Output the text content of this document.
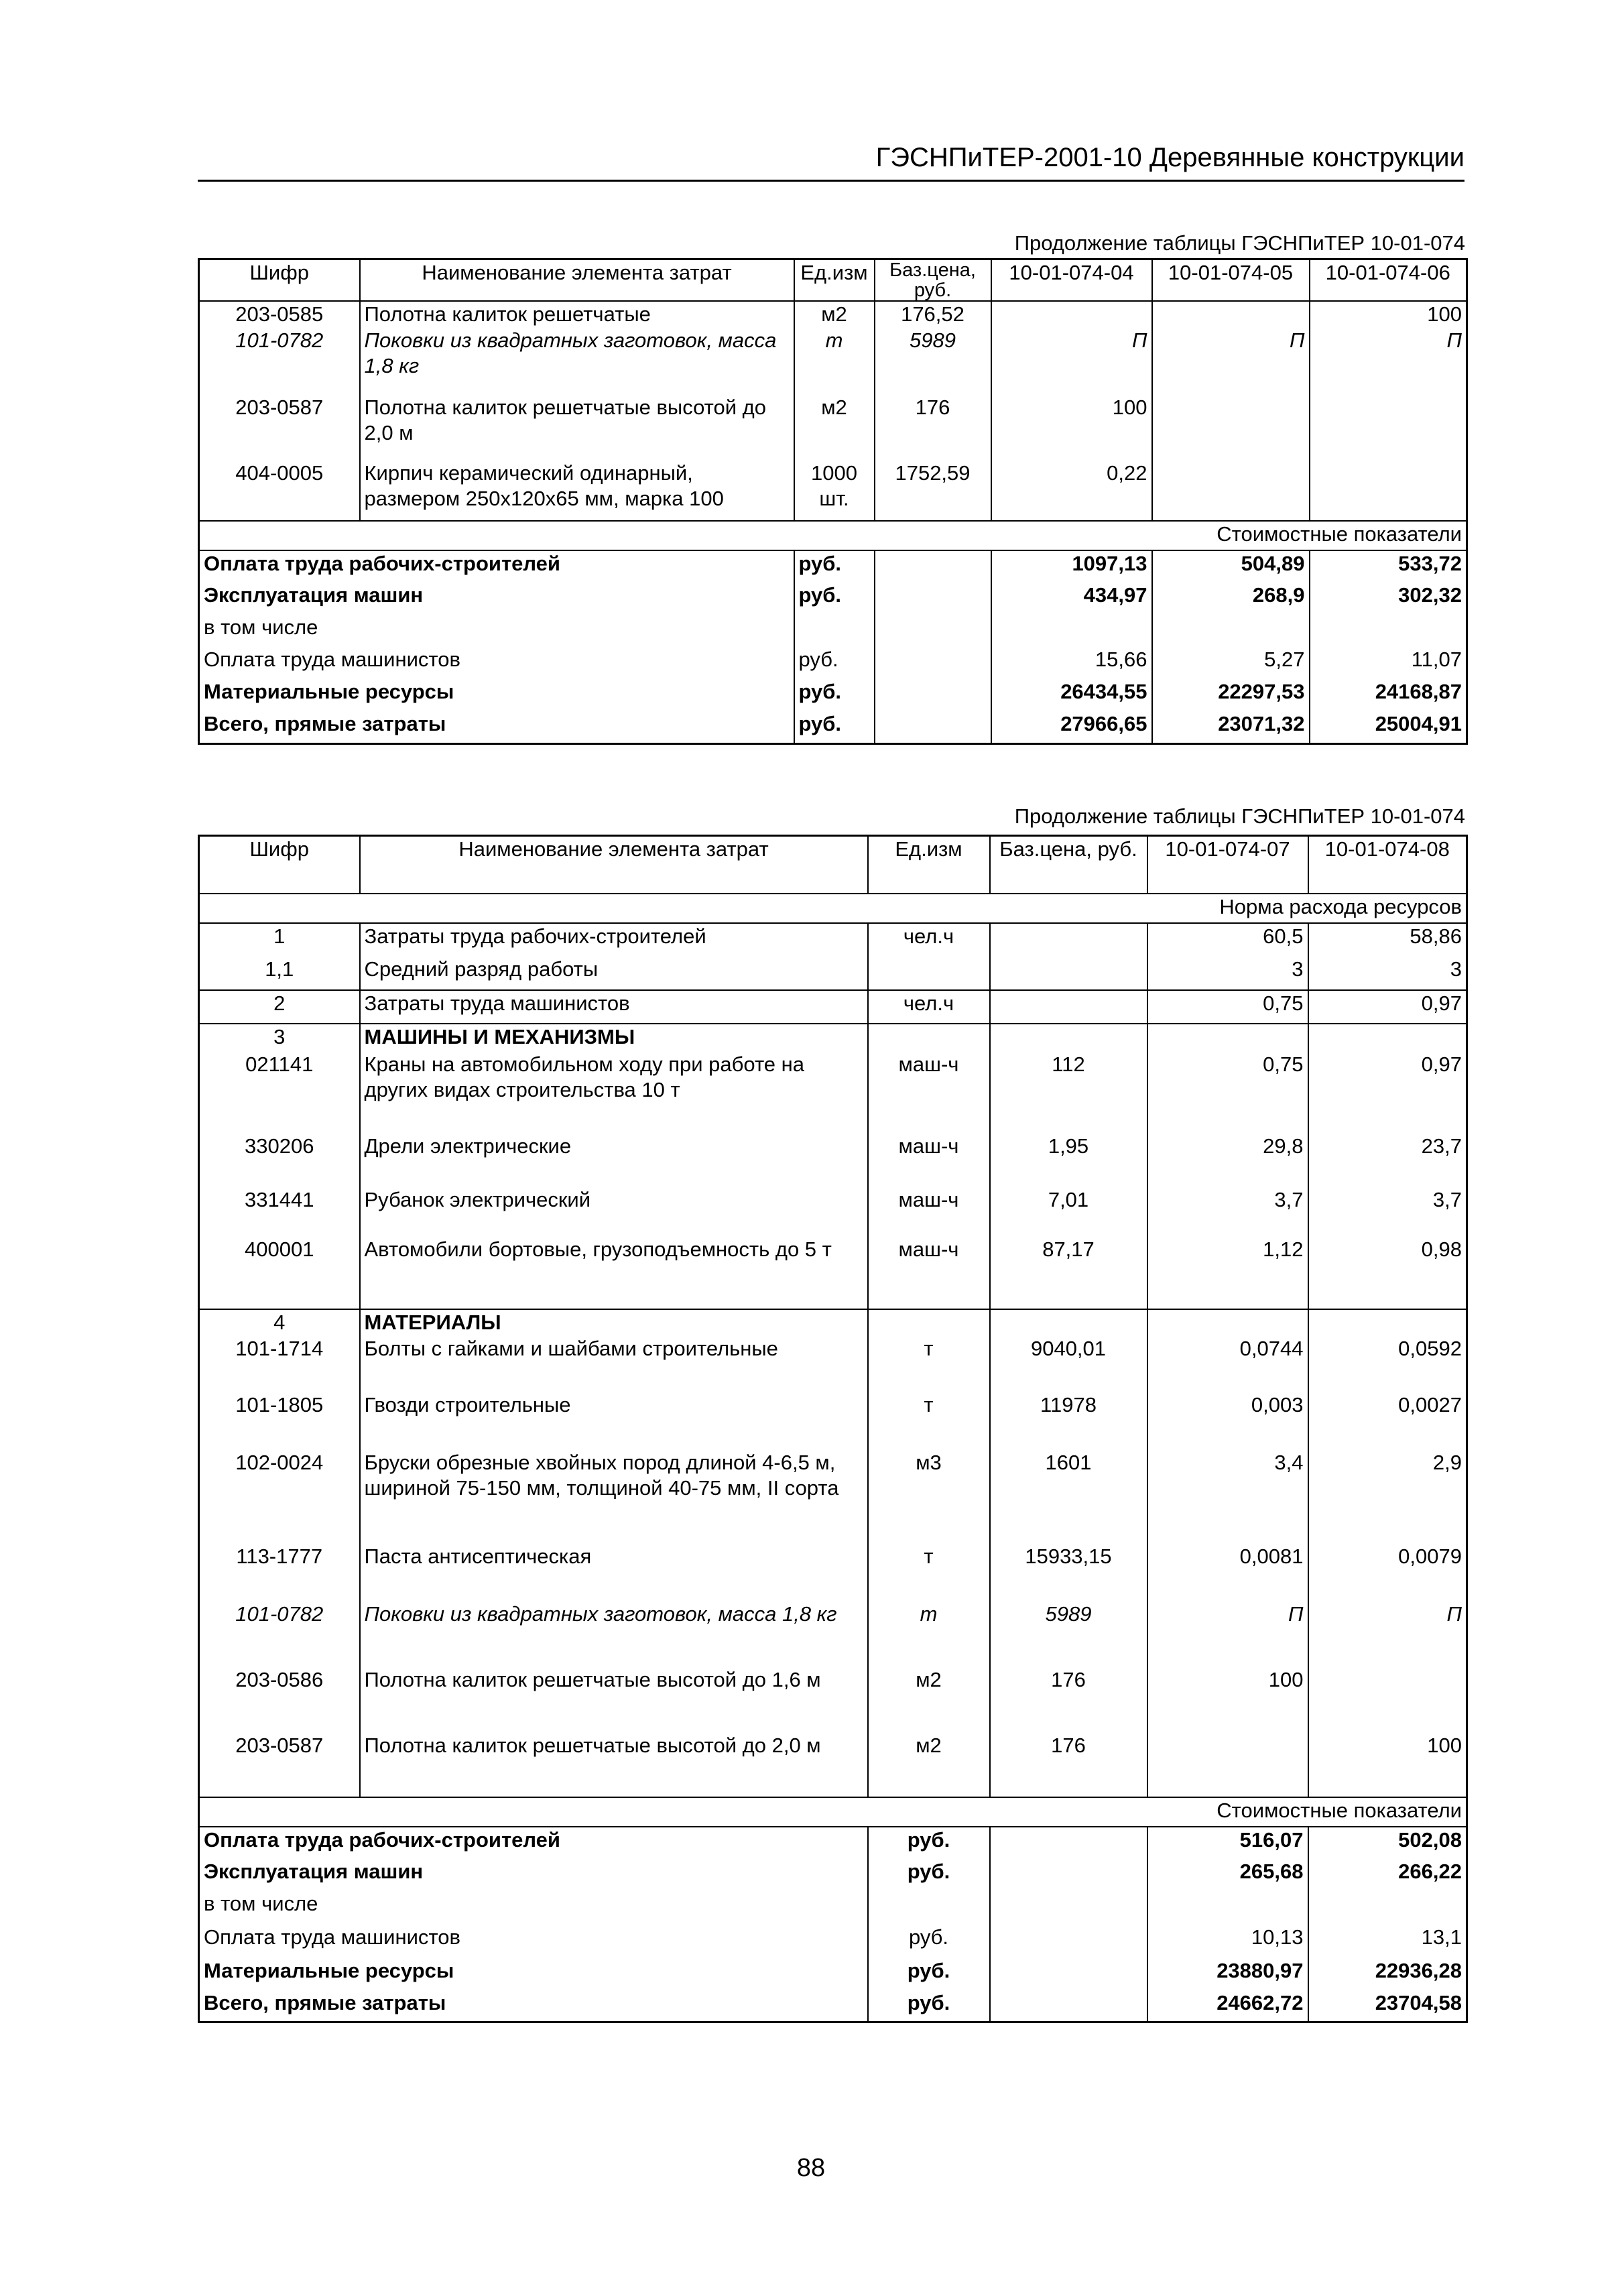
ГЭСНПиТЕР-2001-10 Деревянные конструкции
Продолжение таблицы ГЭСНПиТЕР 10-01-074
Шифр	Наименование элемента затрат	Ед.изм	Баз.цена, руб.	10-01-074-04	10-01-074-05	10-01-074-06
203-0585	Полотна калиток решетчатые	м2	176,52			100
101-0782	Поковки из квадратных заготовок, масса 1,8 кг	т	5989	П	П	П
203-0587	Полотна калиток решетчатые высотой до 2,0 м	м2	176	100		
404-0005	Кирпич керамический одинарный, размером 250х120х65 мм, марка 100	1000 шт.	1752,59	0,22		
Стоимостные показатели						
Оплата труда рабочих-строителей		руб.		1097,13	504,89	533,72
Эксплуатация машин		руб.		434,97	268,9	302,32
в том числе						
Оплата труда машинистов		руб.		15,66	5,27	11,07
Материальные ресурсы		руб.		26434,55	22297,53	24168,87
Всего, прямые затраты		руб.		27966,65	23071,32	25004,91
Продолжение таблицы ГЭСНПиТЕР 10-01-074
Шифр	Наименование элемента затрат	Ед.изм	Баз.цена, руб.	10-01-074-07	10-01-074-08
Норма расхода ресурсов					
1	Затраты труда рабочих-строителей	чел.ч		60,5	58,86
1,1	Средний разряд работы			3	3
2	Затраты труда машинистов	чел.ч		0,75	0,97
3	МАШИНЫ И МЕХАНИЗМЫ				
021141	Краны на автомобильном ходу при работе на других видах строительства 10 т	маш-ч	112	0,75	0,97
330206	Дрели электрические	маш-ч	1,95	29,8	23,7
331441	Рубанок электрический	маш-ч	7,01	3,7	3,7
400001	Автомобили бортовые, грузоподъемность до 5 т	маш-ч	87,17	1,12	0,98
4	МАТЕРИАЛЫ				
101-1714	Болты с гайками и шайбами строительные	т	9040,01	0,0744	0,0592
101-1805	Гвозди строительные	т	11978	0,003	0,0027
102-0024	Бруски обрезные хвойных пород длиной 4-6,5 м, шириной 75-150 мм, толщиной 40-75 мм, II сорта	м3	1601	3,4	2,9
113-1777	Паста антисептическая	т	15933,15	0,0081	0,0079
101-0782	Поковки из квадратных заготовок, масса 1,8 кг	т	5989	П	П
203-0586	Полотна калиток решетчатые высотой до 1,6 м	м2	176	100	
203-0587	Полотна калиток решетчатые высотой до 2,0 м	м2	176		100
Стоимостные показатели					
Оплата труда рабочих-строителей		руб.		516,07	502,08
Эксплуатация машин		руб.		265,68	266,22
в том числе					
Оплата труда машинистов		руб.		10,13	13,1
Материальные ресурсы		руб.		23880,97	22936,28
Всего, прямые затраты		руб.		24662,72	23704,58
88
